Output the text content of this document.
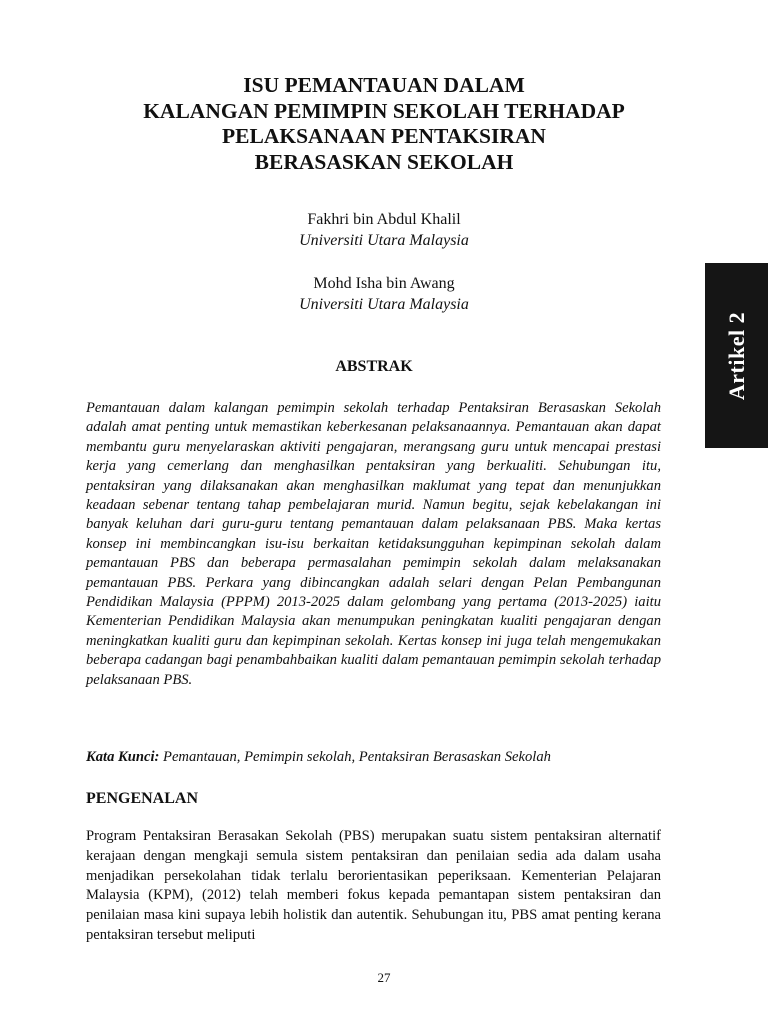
ISU PEMANTAUAN DALAM
KALANGAN PEMIMPIN SEKOLAH TERHADAP
PELAKSANAAN PENTAKSIRAN
BERASASKAN SEKOLAH
Fakhri bin Abdul Khalil
Universiti Utara Malaysia
Mohd Isha bin Awang
Universiti Utara Malaysia
ABSTRAK

Pemantauan dalam kalangan pemimpin sekolah terhadap Pentaksiran Berasaskan Sekolah adalah amat penting untuk memastikan keberkesanan pelaksanaannya. Pemantauan akan dapat membantu guru menyelaraskan aktiviti pengajaran, merangsang guru untuk mencapai prestasi kerja yang cemerlang dan menghasilkan pentaksiran yang berkualiti. Sehubungan itu, pentaksiran yang dilaksanakan akan menghasilkan maklumat yang tepat dan menunjukkan keadaan sebenar tentang tahap pembelajaran murid. Namun begitu, sejak kebelakangan ini banyak keluhan dari guru-guru tentang pemantauan dalam pelaksanaan PBS. Maka kertas konsep ini membincangkan isu-isu berkaitan ketidaksungguhan kepimpinan sekolah dalam pemantauan PBS dan beberapa permasalahan pemimpin sekolah dalam melaksanakan pemantauan PBS. Perkara yang dibincangkan adalah selari dengan Pelan Pembangunan Pendidikan Malaysia (PPPM) 2013-2025 dalam gelombang yang pertama (2013-2025) iaitu Kementerian Pendidikan Malaysia akan menumpukan peningkatan kualiti pengajaran dengan meningkatkan kualiti guru dan kepimpinan sekolah. Kertas konsep ini juga telah mengemukakan beberapa cadangan bagi penambahbaikan kualiti dalam pemantauan pemimpin sekolah terhadap pelaksanaan PBS.

Kata Kunci: Pemantauan, Pemimpin sekolah, Pentaksiran Berasaskan Sekolah
PENGENALAN

Program Pentaksiran Berasakan Sekolah (PBS) merupakan suatu sistem pentaksiran alternatif kerajaan dengan mengkaji semula sistem pentaksiran dan penilaian sedia ada dalam usaha menjadikan persekolahan tidak terlalu berorientasikan peperiksaan. Kementerian Pelajaran Malaysia (KPM), (2012) telah memberi fokus kepada pemantapan sistem pentaksiran dan penilaian masa kini supaya lebih holistik dan autentik. Sehubungan itu, PBS amat penting kerana pentaksiran tersebut meliputi

27
Artikel 2
